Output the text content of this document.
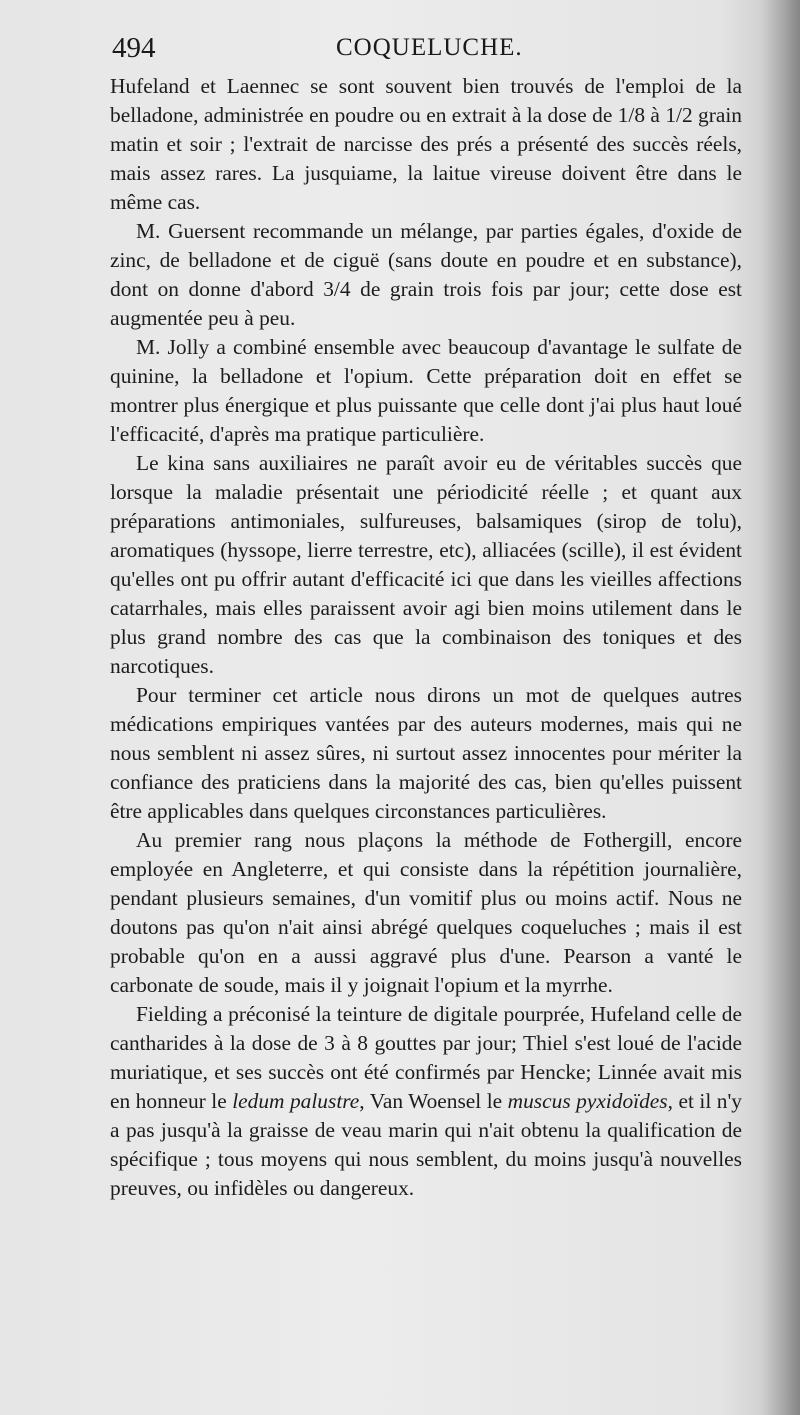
494	COQUELUCHE.

Hufeland et Laennec se sont souvent bien trouvés de l'emploi de la belladone, administrée en poudre ou en extrait à la dose de 1/8 à 1/2 grain matin et soir ; l'extrait de narcisse des prés a présenté des succès réels, mais assez rares. La jusquiame, la laitue vireuse doivent être dans le même cas.

M. Guersent recommande un mélange, par parties égales, d'oxide de zinc, de belladone et de ciguë (sans doute en poudre et en substance), dont on donne d'abord 3/4 de grain trois fois par jour; cette dose est augmentée peu à peu.

M. Jolly a combiné ensemble avec beaucoup d'avantage le sulfate de quinine, la belladone et l'opium. Cette préparation doit en effet se montrer plus énergique et plus puissante que celle dont j'ai plus haut loué l'efficacité, d'après ma pratique particulière.

Le kina sans auxiliaires ne paraît avoir eu de véritables succès que lorsque la maladie présentait une périodicité réelle ; et quant aux préparations antimoniales, sulfureuses, balsamiques (sirop de tolu), aromatiques (hyssope, lierre terrestre, etc), alliacées (scille), il est évident qu'elles ont pu offrir autant d'efficacité ici que dans les vieilles affections catarrhales, mais elles paraissent avoir agi bien moins utilement dans le plus grand nombre des cas que la combinaison des toniques et des narcotiques.

Pour terminer cet article nous dirons un mot de quelques autres médications empiriques vantées par des auteurs modernes, mais qui ne nous semblent ni assez sûres, ni surtout assez innocentes pour mériter la confiance des praticiens dans la majorité des cas, bien qu'elles puissent être applicables dans quelques circonstances particulières.

Au premier rang nous plaçons la méthode de Fothergill, encore employée en Angleterre, et qui consiste dans la répétition journalière, pendant plusieurs semaines, d'un vomitif plus ou moins actif. Nous ne doutons pas qu'on n'ait ainsi abrégé quelques coqueluches ; mais il est probable qu'on en a aussi aggravé plus d'une. Pearson a vanté le carbonate de soude, mais il y joignait l'opium et la myrrhe.

Fielding a préconisé la teinture de digitale pourprée, Hufeland celle de cantharides à la dose de 3 à 8 gouttes par jour; Thiel s'est loué de l'acide muriatique, et ses succès ont été confirmés par Hencke; Linnée avait mis en honneur le ledum palustre, Van Woensel le muscus pyxidoïdes, et il n'y a pas jusqu'à la graisse de veau marin qui n'ait obtenu la qualification de spécifique ; tous moyens qui nous semblent, du moins jusqu'à nouvelles preuves, ou infidèles ou dangereux.
